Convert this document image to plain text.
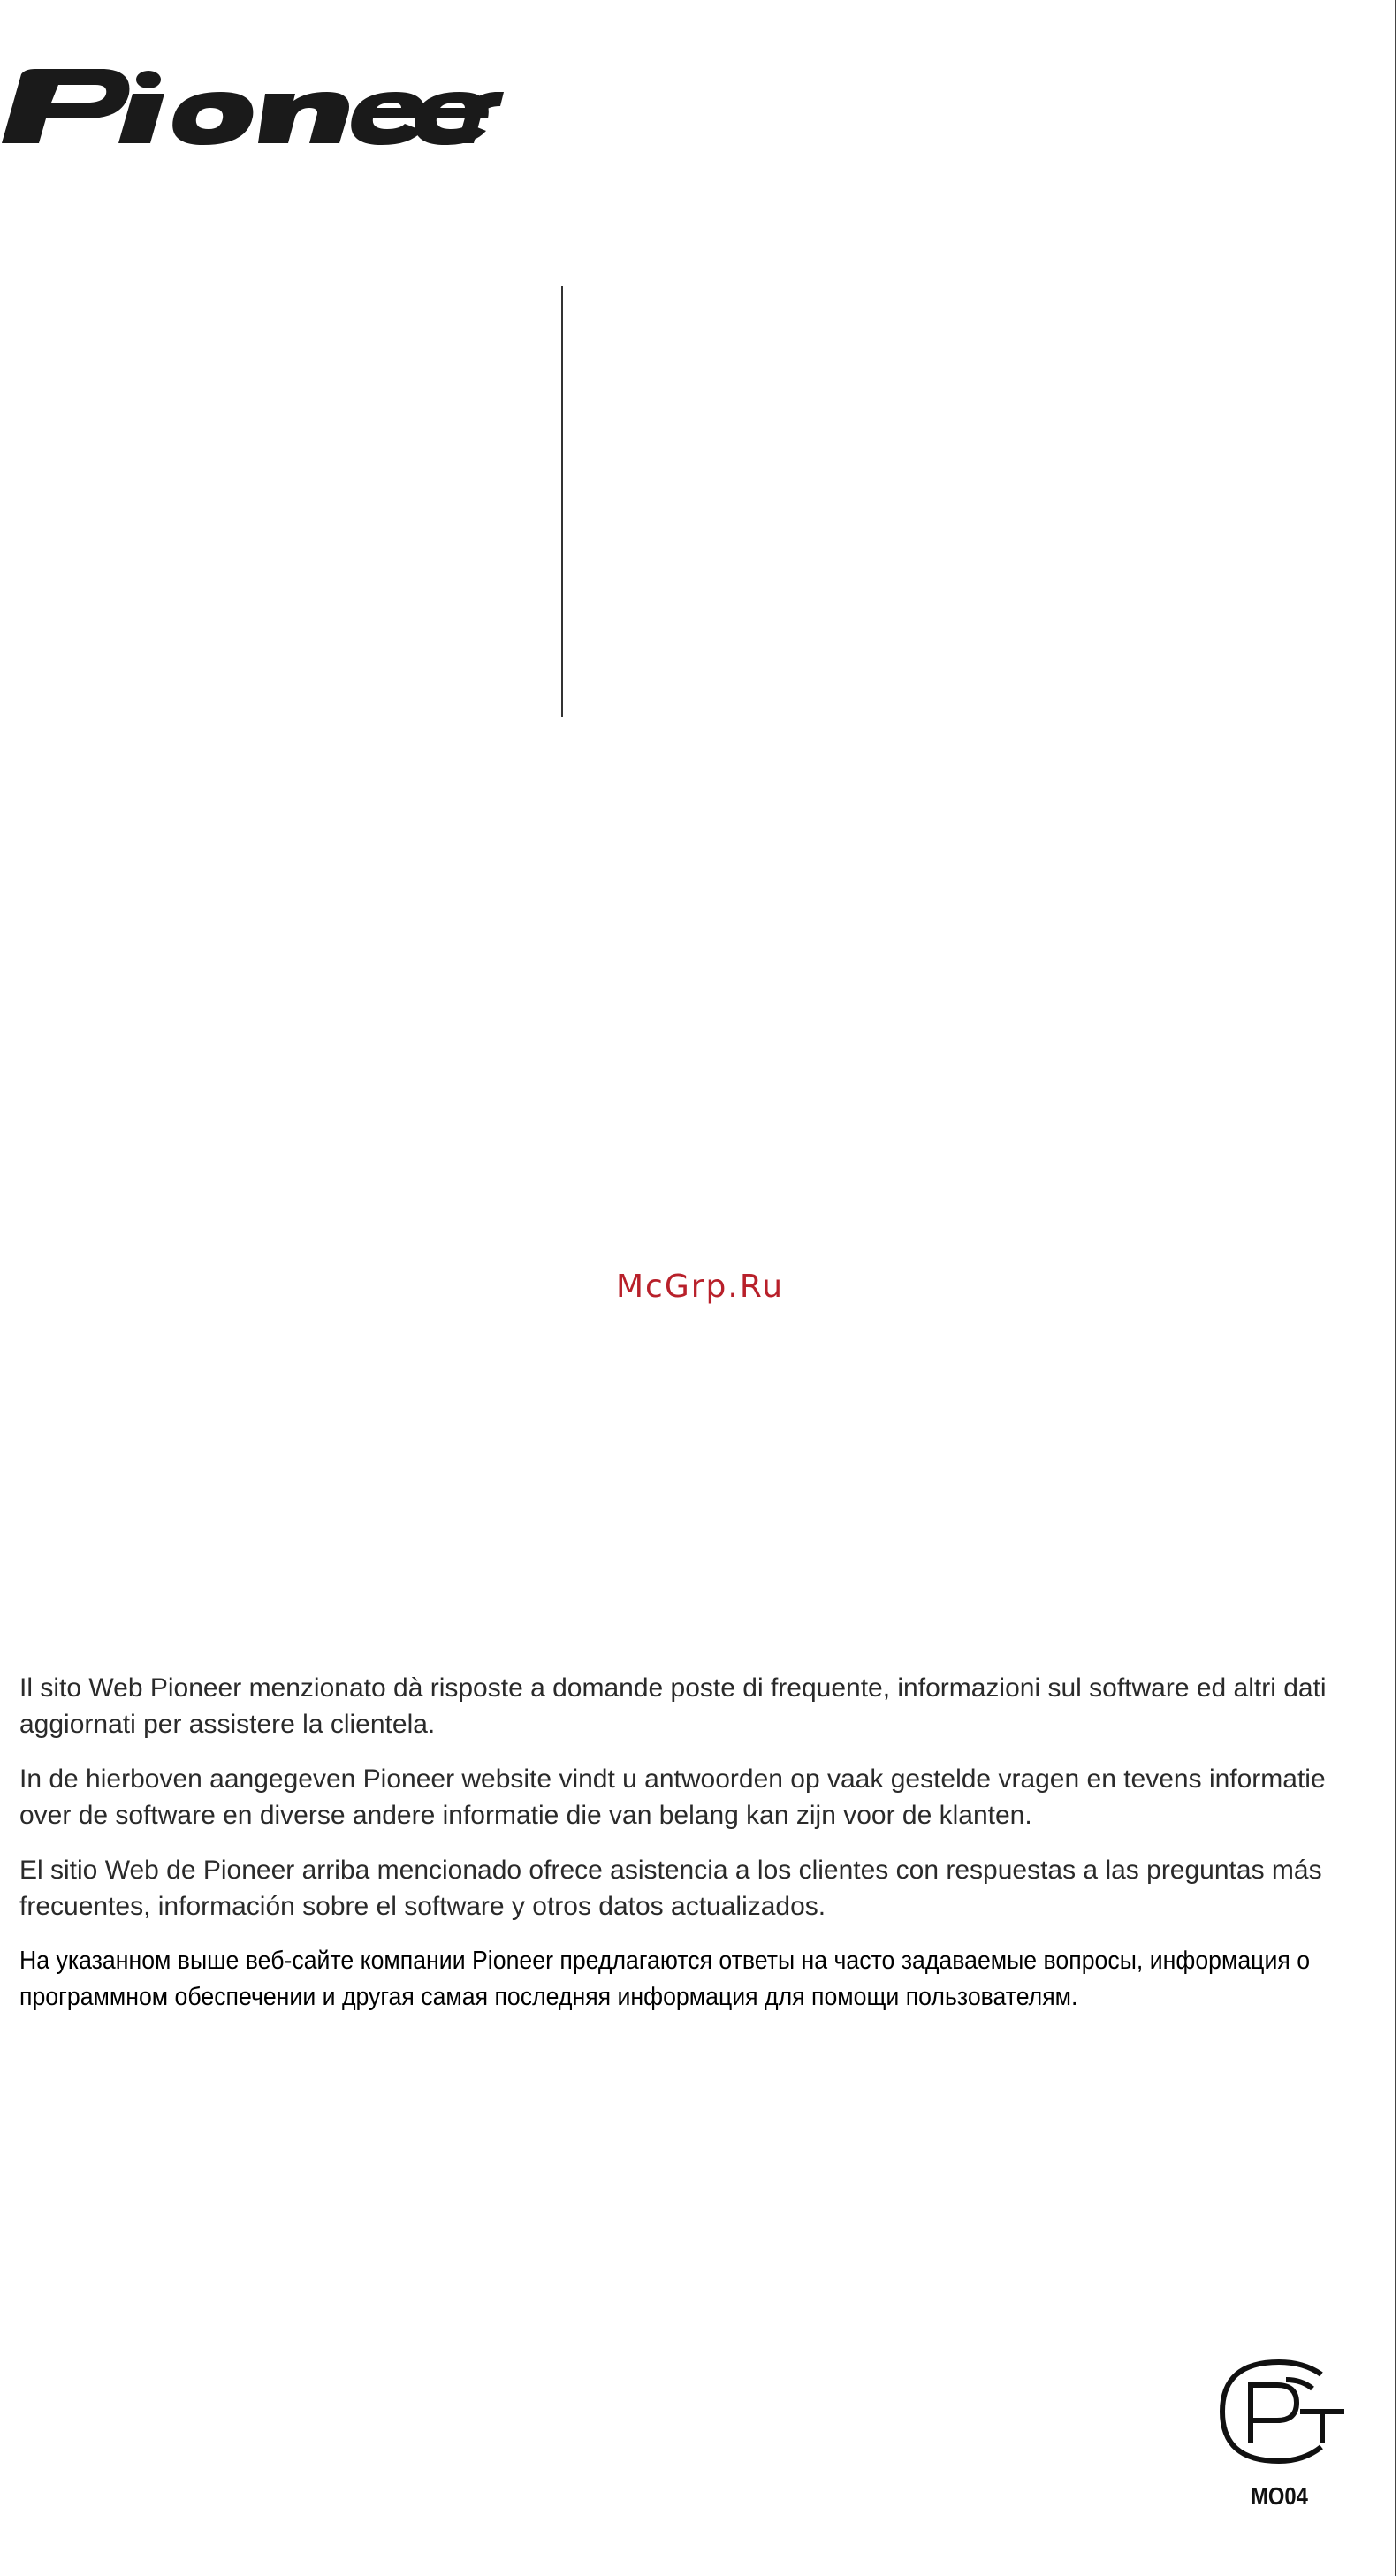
McGrp.Ru

Il sito Web Pioneer menzionato dà risposte a domande poste di frequente, informazioni sul software ed altri dati aggiornati per assistere la clientela.

In de hierboven aangegeven Pioneer website vindt u antwoorden op vaak gestelde vragen en tevens informatie over de software en diverse andere informatie die van belang kan zijn voor de klanten.

El sitio Web de Pioneer arriba mencionado ofrece asistencia a los clientes con respuestas a las preguntas más frecuentes, información sobre el software y otros datos actualizados.

На указанном выше веб-сайте компании Pioneer предлагаются ответы на часто задаваемые вопросы, информация о программном обеспечении и другая самая последняя информация для помощи пользователям.

MO04
